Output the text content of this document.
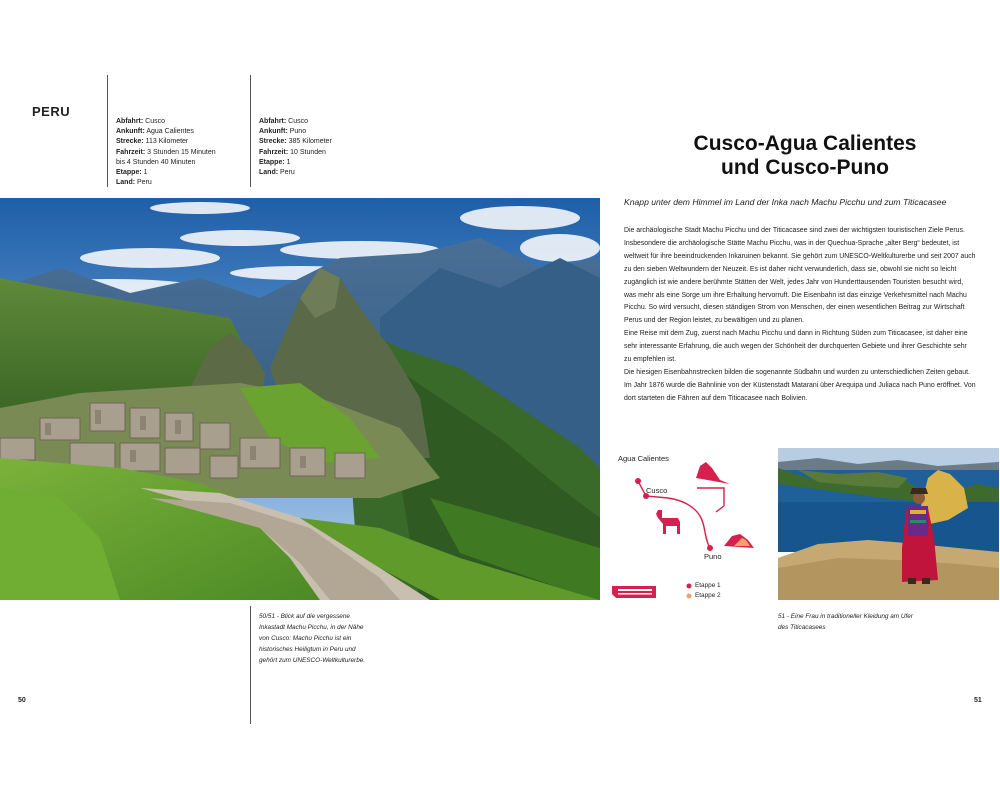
PERU
Abfahrt: Cusco
Ankunft: Agua Calientes
Strecke: 113 Kilometer
Fahrzeit: 3 Stunden 15 Minuten
bis 4 Stunden 40 Minuten
Etappe: 1
Land: Peru
Abfahrt: Cusco
Ankunft: Puno
Strecke: 385 Kilometer
Fahrzeit: 10 Stunden
Etappe: 1
Land: Peru
Cusco-Agua Calientes
und Cusco-Puno
Knapp unter dem Himmel im Land der Inka nach Machu Picchu und zum Titicacasee

Die archäologische Stadt Machu Picchu und der Titicacasee sind zwei der wichtigsten touristischen Ziele Perus. Insbesondere die archäologische Stätte Machu Picchu, was in der Quechua-Sprache „alter Berg“ bedeutet, ist weltweit für ihre beeindruckenden Inkaruinen bekannt. Sie gehört zum UNESCO-Weltkulturerbe und seit 2007 auch zu den sieben Weltwundern der Neuzeit. Es ist daher nicht verwunderlich, dass sie, obwohl sie nicht so leicht zugänglich ist wie andere berühmte Stätten der Welt, jedes Jahr von Hunderttausenden Touristen besucht wird, was mehr als eine Sorge um ihre Erhaltung hervorruft. Die Eisenbahn ist das einzige Verkehrsmittel nach Machu Picchu. So wird versucht, diesen ständigen Strom von Menschen, der einen wesentlichen Beitrag zur Wirtschaft Perus und der Region leistet, zu bewältigen und zu planen.

Eine Reise mit dem Zug, zuerst nach Machu Picchu und dann in Richtung Süden zum Titicacasee, ist daher eine sehr interessante Erfahrung, die auch wegen der Schönheit der durchquerten Gebiete und ihrer Geschichte sehr zu empfehlen ist.

Die hiesigen Eisenbahnstrecken bilden die sogenannte Südbahn und wurden zu unterschiedlichen Zeiten gebaut. Im Jahr 1876 wurde die Bahnlinie von der Küstenstadt Matarani über Arequipa und Juliaca nach Puno eröffnet. Von dort starteten die Fähren auf dem Titicacasee nach Bolivien.

Agua Calientes
Cusco
Puno
Etappe 1
Etappe 2
50/51 - Blick auf die vergessene
Inkastadt Machu Picchu, in der Nähe
von Cusco: Machu Picchu ist ein
historisches Heiligtum in Peru und
gehört zum UNESCO-Weltkulturerbe.
51 - Eine Frau in traditioneller Kleidung am Ufer
des Titicacasees
50	51
